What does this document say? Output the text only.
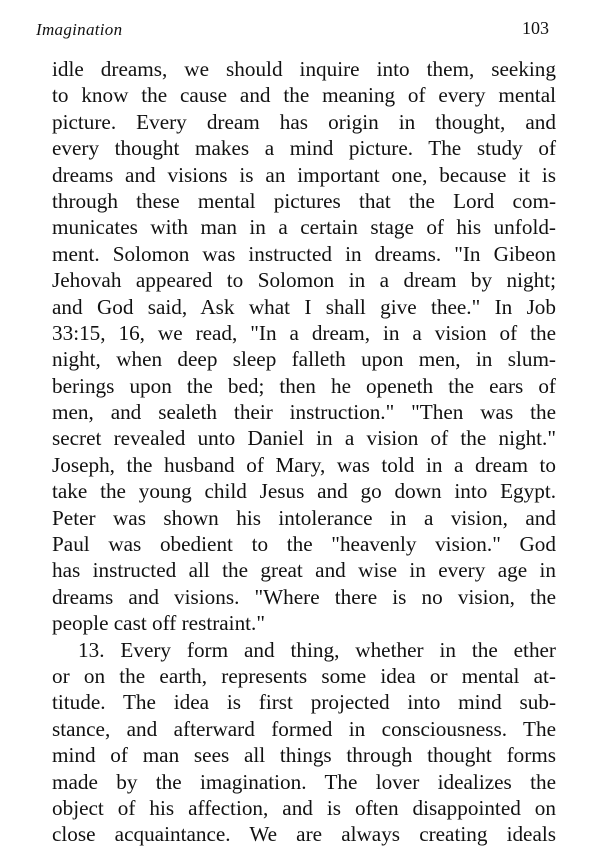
Imagination	103
idle dreams, we should inquire into them, seeking
to know the cause and the meaning of every mental
picture. Every dream has origin in thought, and
every thought makes a mind picture. The study of
dreams and visions is an important one, because it is
through these mental pictures that the Lord com-
municates with man in a certain stage of his unfold-
ment. Solomon was instructed in dreams. "In Gibeon
Jehovah appeared to Solomon in a dream by night;
and God said, Ask what I shall give thee." In Job
33:15, 16, we read, "In a dream, in a vision of the
night, when deep sleep falleth upon men, in slum-
berings upon the bed; then he openeth the ears of
men, and sealeth their instruction." "Then was the
secret revealed unto Daniel in a vision of the night."
Joseph, the husband of Mary, was told in a dream to
take the young child Jesus and go down into Egypt.
Peter was shown his intolerance in a vision, and
Paul was obedient to the "heavenly vision." God
has instructed all the great and wise in every age in
dreams and visions. "Where there is no vision, the
people cast off restraint."
13. Every form and thing, whether in the ether
or on the earth, represents some idea or mental at-
titude. The idea is first projected into mind sub-
stance, and afterward formed in consciousness. The
mind of man sees all things through thought forms
made by the imagination. The lover idealizes the
object of his affection, and is often disappointed on
close acquaintance. We are always creating ideals
